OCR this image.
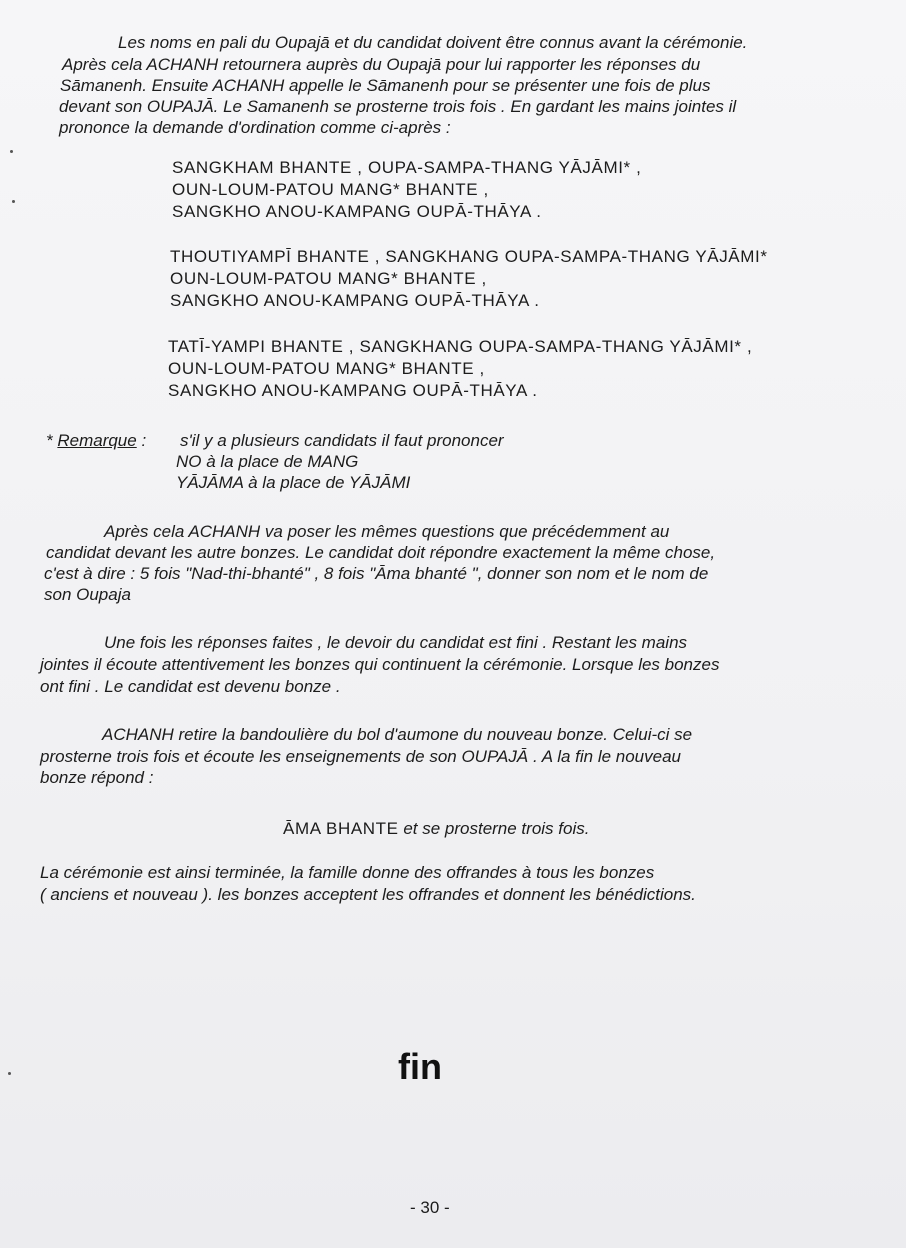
Les noms en pali du Oupajā et du candidat doivent être connus avant la cérémonie.
Après cela ACHANH retournera auprès du Oupajā pour lui rapporter les réponses du
Sāmanenh. Ensuite ACHANH appelle le Sāmanenh pour se présenter une fois de plus
devant son OUPAJĀ. Le Samanenh se prosterne trois fois . En gardant les mains jointes il
prononce la demande d'ordination comme ci-après :
SANGKHAM BHANTE , OUPA-SAMPA-THANG YĀJĀMI* ,
OUN-LOUM-PATOU MANG* BHANTE ,
SANGKHO ANOU-KAMPANG OUPĀ-THĀYA .
THOUTIYAMPĪ BHANTE , SANGKHANG OUPA-SAMPA-THANG YĀJĀMI*
OUN-LOUM-PATOU MANG* BHANTE ,
SANGKHO ANOU-KAMPANG OUPĀ-THĀYA .
TATĪ-YAMPI BHANTE , SANGKHANG OUPA-SAMPA-THANG YĀJĀMI* ,
OUN-LOUM-PATOU MANG* BHANTE ,
SANGKHO ANOU-KAMPANG OUPĀ-THĀYA .
* Remarque : s'il y a plusieurs candidats il faut prononcer
NO à la place de MANG
YĀJĀMA à la place de YĀJĀMI
Après cela ACHANH va poser les mêmes questions que précédemment au
candidat devant les autre bonzes. Le candidat doit répondre exactement la même chose,
c'est à dire : 5 fois "Nad-thi-bhanté" , 8 fois "Āma bhanté ", donner son nom et le nom de
son Oupaja
Une fois les réponses faites , le devoir du candidat est fini . Restant les mains
jointes il écoute attentivement les bonzes qui continuent la cérémonie. Lorsque les bonzes
ont fini . Le candidat est devenu bonze .
ACHANH retire la bandoulière du bol d'aumone du nouveau bonze. Celui-ci se
prosterne trois fois et écoute les enseignements de son OUPAJĀ . A la fin le nouveau
bonze répond :
ĀMA BHANTE et se prosterne trois fois.
La cérémonie est ainsi terminée, la famille donne des offrandes à tous les bonzes
( anciens et nouveau ). les bonzes acceptent les offrandes et donnent les bénédictions.
fin
- 30 -
